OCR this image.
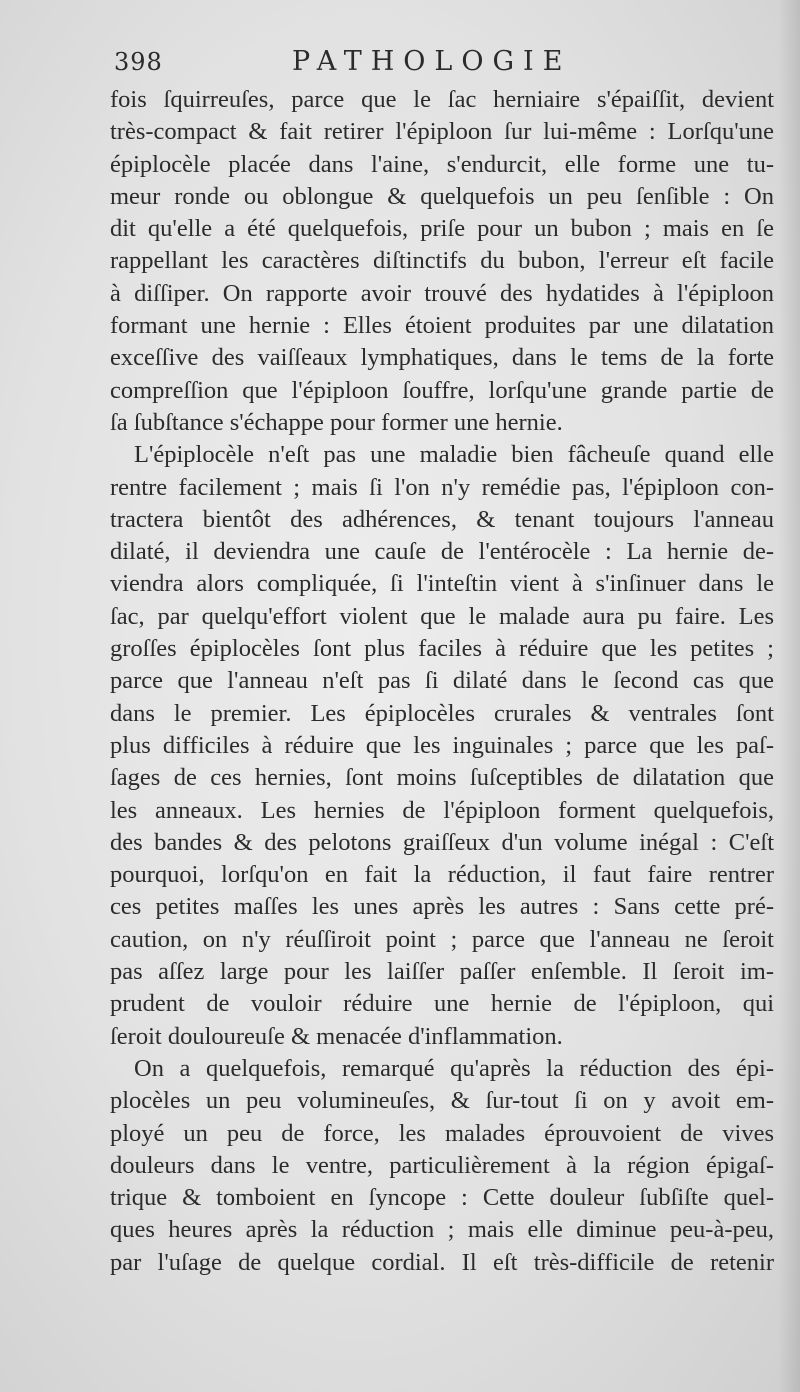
398	PATHOLOGIE
fois ſquirreuſes, parce que le ſac herniaire s'épaiſſit, devient
très-compact & fait retirer l'épiploon ſur lui-même : Lorſqu'une
épiplocèle placée dans l'aine, s'endurcit, elle forme une tu-
meur ronde ou oblongue & quelquefois un peu ſenſible : On
dit qu'elle a été quelquefois, priſe pour un bubon ; mais en ſe
rappellant les caractères diſtinctifs du bubon, l'erreur eſt facile
à diſſiper. On rapporte avoir trouvé des hydatides à l'épiploon
formant une hernie : Elles étoient produites par une dilatation
exceſſive des vaiſſeaux lymphatiques, dans le tems de la forte
compreſſion que l'épiploon ſouffre, lorſqu'une grande partie de
ſa ſubſtance s'échappe pour former une hernie.
L'épiplocèle n'eſt pas une maladie bien fâcheuſe quand elle
rentre facilement ; mais ſi l'on n'y remédie pas, l'épiploon con-
tractera bientôt des adhérences, & tenant toujours l'anneau
dilaté, il deviendra une cauſe de l'entérocèle : La hernie de-
viendra alors compliquée, ſi l'inteſtin vient à s'inſinuer dans le
ſac, par quelqu'effort violent que le malade aura pu faire. Les
groſſes épiplocèles ſont plus faciles à réduire que les petites ;
parce que l'anneau n'eſt pas ſi dilaté dans le ſecond cas que
dans le premier. Les épiplocèles crurales & ventrales ſont
plus difficiles à réduire que les inguinales ; parce que les paſ-
ſages de ces hernies, ſont moins ſuſceptibles de dilatation que
les anneaux. Les hernies de l'épiploon forment quelquefois,
des bandes & des pelotons graiſſeux d'un volume inégal : C'eſt
pourquoi, lorſqu'on en fait la réduction, il faut faire rentrer
ces petites maſſes les unes après les autres : Sans cette pré-
caution, on n'y réuſſiroit point ; parce que l'anneau ne ſeroit
pas aſſez large pour les laiſſer paſſer enſemble. Il ſeroit im-
prudent de vouloir réduire une hernie de l'épiploon, qui
ſeroit douloureuſe & menacée d'inflammation.
On a quelquefois, remarqué qu'après la réduction des épi-
plocèles un peu volumineuſes, & ſur-tout ſi on y avoit em-
ployé un peu de force, les malades éprouvoient de vives
douleurs dans le ventre, particulièrement à la région épigaſ-
trique & tomboient en ſyncope : Cette douleur ſubſiſte quel-
ques heures après la réduction ; mais elle diminue peu-à-peu,
par l'uſage de quelque cordial. Il eſt très-difficile de retenir
